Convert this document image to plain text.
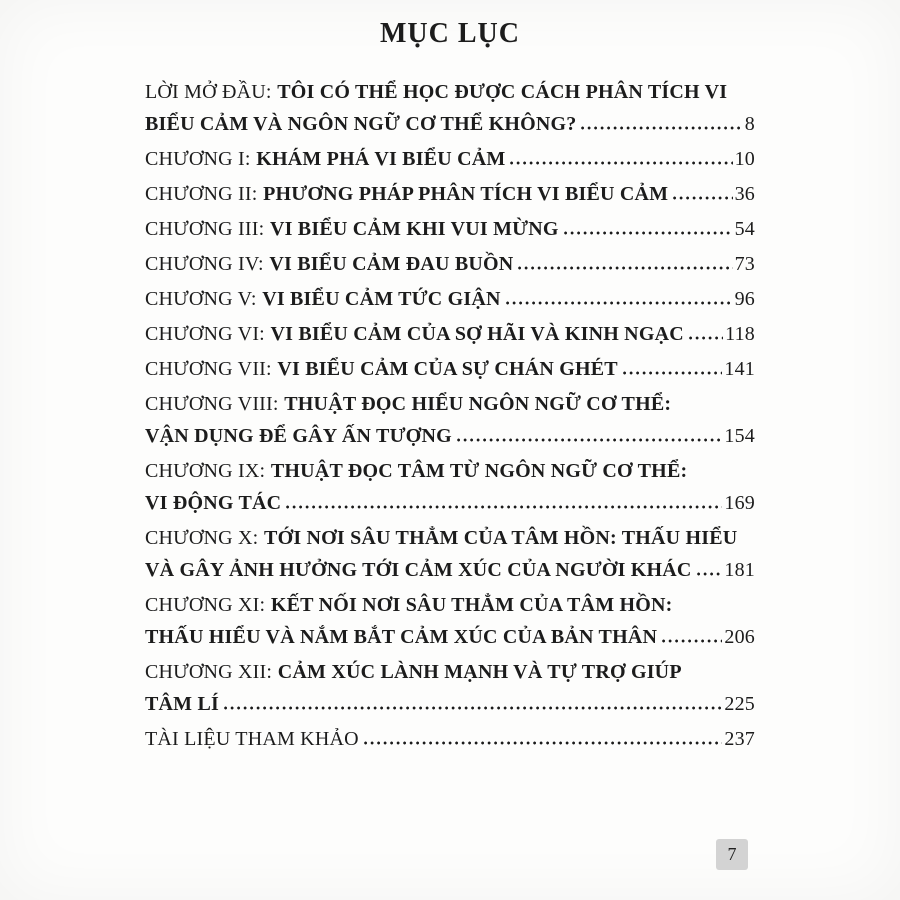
MỤC LỤC
LỜI MỞ ĐẦU: TÔI CÓ THỂ HỌC ĐƯỢC CÁCH PHÂN TÍCH VI
BIỂU CẢM VÀ NGÔN NGỮ CƠ THỂ KHÔNG?	8
CHƯƠNG I: KHÁM PHÁ VI BIỂU CẢM	10
CHƯƠNG II: PHƯƠNG PHÁP PHÂN TÍCH VI BIỂU CẢM	36
CHƯƠNG III: VI BIỂU CẢM KHI VUI MỪNG	54
CHƯƠNG IV: VI BIỂU CẢM ĐAU BUỒN	73
CHƯƠNG V: VI BIỂU CẢM TỨC GIẬN	96
CHƯƠNG VI: VI BIỂU CẢM CỦA SỢ HÃI VÀ KINH NGẠC 118
CHƯƠNG VII: VI BIỂU CẢM CỦA SỰ CHÁN GHÉT	141
CHƯƠNG VIII: THUẬT ĐỌC HIỂU NGÔN NGỮ CƠ THỂ:
VẬN DỤNG ĐỂ GÂY ẤN TƯỢNG	154
CHƯƠNG IX: THUẬT ĐỌC TÂM TỪ NGÔN NGỮ CƠ THỂ:
VI ĐỘNG TÁC	169
CHƯƠNG X: TỚI NƠI SÂU THẲM CỦA TÂM HỒN: THẤU HIỂU
VÀ GÂY ẢNH HƯỞNG TỚI CẢM XÚC CỦA NGƯỜI KHÁC 181
CHƯƠNG XI: KẾT NỐI NƠI SÂU THẲM CỦA TÂM HỒN:
THẤU HIỂU VÀ NẮM BẮT CẢM XÚC CỦA BẢN THÂN	206
CHƯƠNG XII: CẢM XÚC LÀNH MẠNH VÀ TỰ TRỢ GIÚP
TÂM LÍ	225
TÀI LIỆU THAM KHẢO	237
7
